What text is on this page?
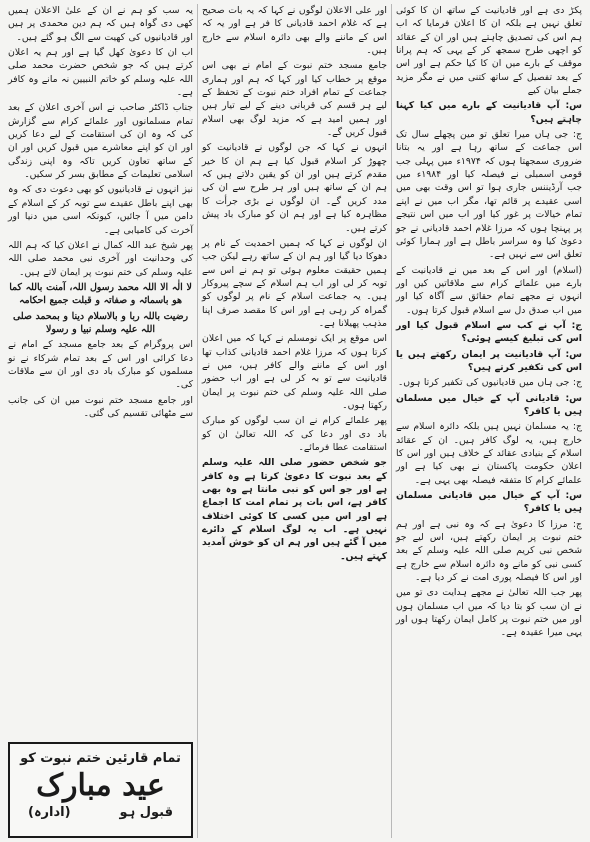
پکڑ دی ہے اور قادیانیت کے ساتھ ان کا کوئی تعلق نہیں ہے بلکہ ان کا اعلان فرمایا کہ اب ہم اس کی تصدیق چاہتے ہیں اور ان کے عقائد کو اچھی طرح سمجھ کر کے یہی کہ ہم پرانا موقف کے بارے میں ان کا کیا حکم ہے اور اس کے بعد تفصیل کے ساتھ کتنی میں نے مگر مزید جملے بیان کیے

س: آپ قادیانیت کے بارے میں کیا کہنا چاہتے ہیں؟

ج: جی ہاں میرا تعلق تو مین پچھلے سال تک اس جماعت کے ساتھ رہا ہے اور یہ بتانا ضروری سمجھتا ہوں کہ ۱۹۷۴ء میں پہلی جب قومی اسمبلی نے فیصلہ کیا اور ۱۹۸۴ء میں جب آرڈیننس جاری ہوا تو اس وقت بھی میں اسی عقیدے پر قائم تھا، مگر اب میں نے اپنے تمام خیالات پر غور کیا اور اب میں اس نتیجے پر پہنچا ہوں کہ مرزا غلام احمد قادیانی نے جو دعویٰ کیا وہ سراسر باطل ہے اور ہمارا کوئی تعلق اس سے نہیں ہے۔

(اسلام) اور اس کے بعد میں نے قادیانیت کے بارے میں علمائے کرام سے ملاقاتیں کیں اور انہوں نے مجھے تمام حقائق سے آگاہ کیا اور میں اب صدق دل سے اسلام قبول کرتا ہوں۔

ج: آپ نے کب سے اسلام قبول کیا اور اس کی تبلیغ کیسے ہوئی؟

س: آپ قادیانیت پر ایمان رکھتے ہیں یا اس کی تکفیر کرتے ہیں؟

ج: جی ہاں میں قادیانیوں کی تکفیر کرتا ہوں۔

س: قادیانی آپ کے خیال میں مسلمان ہیں یا کافر؟

ج: یہ مسلمان نہیں ہیں بلکہ دائرہ اسلام سے خارج ہیں، یہ لوگ کافر ہیں۔ ان کے عقائد اسلام کے بنیادی عقائد کے خلاف ہیں اور اس کا اعلان حکومت پاکستان نے بھی کیا ہے اور علمائے کرام کا متفقہ فیصلہ بھی یہی ہے۔

س: آپ کے خیال میں قادیانی مسلمان ہیں یا کافر؟

ج: مرزا کا دعویٰ ہے کہ وہ نبی ہے اور ہم ختم نبوت پر ایمان رکھتے ہیں، اس لیے جو شخص نبی کریم صلی اللہ علیہ وسلم کے بعد کسی نبی کو مانے وہ دائرہ اسلام سے خارج ہے اور اس کا فیصلہ پوری امت نے کر دیا ہے۔

پھر جب اللہ تعالیٰ نے مجھے ہدایت دی تو میں نے ان سب کو بتا دیا کہ میں اب مسلمان ہوں اور میں ختم نبوت پر کامل ایمان رکھتا ہوں اور یہی میرا عقیدہ ہے۔

اور علی الاعلان لوگوں نے کہا کہ یہ بات صحیح ہے کہ غلام احمد قادیانی کا فر ہے اور یہ کہ اس کے ماننے والے بھی دائرہ اسلام سے خارج ہیں۔

جامع مسجد ختم نبوت کے امام نے بھی اس موقع پر خطاب کیا اور کہا کہ ہم اور ہماری جماعت کے تمام افراد ختم نبوت کے تحفظ کے لیے ہر قسم کی قربانی دینے کے لیے تیار ہیں اور ہمیں امید ہے کہ مزید لوگ بھی اسلام قبول کریں گے۔

انہوں نے کہا کہ جن لوگوں نے قادیانیت کو چھوڑ کر اسلام قبول کیا ہے ہم ان کا خیر مقدم کرتے ہیں اور ان کو یقین دلاتے ہیں کہ ہم ان کے ساتھ ہیں اور ہر طرح سے ان کی مدد کریں گے۔ ان لوگوں نے بڑی جرأت کا مظاہرہ کیا ہے اور ہم ان کو مبارک باد پیش کرتے ہیں۔

ان لوگوں نے کہا کہ ہمیں احمدیت کے نام پر دھوکا دیا گیا اور ہم ان کے ساتھ رہے لیکن جب ہمیں حقیقت معلوم ہوئی تو ہم نے اس سے توبہ کر لی اور اب ہم اسلام کے سچے پیروکار ہیں۔ یہ جماعت اسلام کے نام پر لوگوں کو گمراہ کر رہی ہے اور اس کا مقصد صرف اپنا مذہب پھیلانا ہے۔

اس موقع پر ایک نومسلم نے کہا کہ میں اعلان کرتا ہوں کہ مرزا غلام احمد قادیانی کذاب تھا اور اس کے ماننے والے کافر ہیں، میں نے قادیانیت سے تو بہ کر لی ہے اور اب حضور صلی اللہ علیہ وسلم کی ختم نبوت پر ایمان رکھتا ہوں۔

پھر علمائے کرام نے ان سب لوگوں کو مبارک باد دی اور دعا کی کہ اللہ تعالیٰ ان کو استقامت عطا فرمائے۔

جو شخص حضور صلی اللہ علیہ وسلم کے بعد نبوت کا دعویٰ کرتا ہے وہ کافر ہے اور جو اس کو نبی مانتا ہے وہ بھی کافر ہے، اس بات پر تمام امت کا اجماع ہے اور اس میں کسی کا کوئی اختلاف نہیں ہے۔ اب یہ لوگ اسلام کے دائرے میں آ گئے ہیں اور ہم ان کو خوش آمدید کہتے ہیں۔

یہ سب کو ہم نے ان کے علیٰ الاعلان ہمیں کھی دی گواہ ہیں کہ ہم دین محمدی پر ہیں اور قادیانیوں کی کھیت سے الگ ہو گئے ہیں۔

اب ان کا دعویٰ کھل گیا ہے اور ہم یہ اعلان کرتے ہیں کہ جو شخص حضرت محمد صلی اللہ علیہ وسلم کو خاتم النبیین نہ مانے وہ کافر ہے۔

جناب ڈاکٹر صاحب نے اس آخری اعلان کے بعد تمام مسلمانوں اور علمائے کرام سے گزارش کی کہ وہ ان کی استقامت کے لیے دعا کریں اور ان کو اپنے معاشرے میں قبول کریں اور ان کے ساتھ تعاون کریں تاکہ وہ اپنی زندگی اسلامی تعلیمات کے مطابق بسر کر سکیں۔

نیز انہوں نے قادیانیوں کو بھی دعوت دی کہ وہ بھی اپنے باطل عقیدے سے توبہ کر کے اسلام کے دامن میں آ جائیں، کیونکہ اسی میں دنیا اور آخرت کی کامیابی ہے۔

پھر شیخ عبد اللہ کمال نے اعلان کیا کہ ہم اللہ کی وحدانیت اور آخری نبی محمد صلی اللہ علیہ وسلم کی ختم نبوت پر ایمان لاتے ہیں۔

لا الٰہ الا اللہ محمد رسول اللہ، آمنت باللہ کما ھو باسمائہ و صفاتہ و قبلت جمیع احکامہ

رضیت باللہ ربا و بالاسلام دینا و بمحمد صلی اللہ علیہ وسلم نبیا و رسولا

اس پروگرام کے بعد جامع مسجد کے امام نے دعا کرائی اور اس کے بعد تمام شرکاء نے نو مسلموں کو مبارک باد دی اور ان سے ملاقات کی۔

اور جامع مسجد ختم نبوت میں ان کی جانب سے مٹھائی تقسیم کی گئی۔

تمام قارئین ختم نبوت کو
عید مبارک
قبول ہو
(ادارہ)
